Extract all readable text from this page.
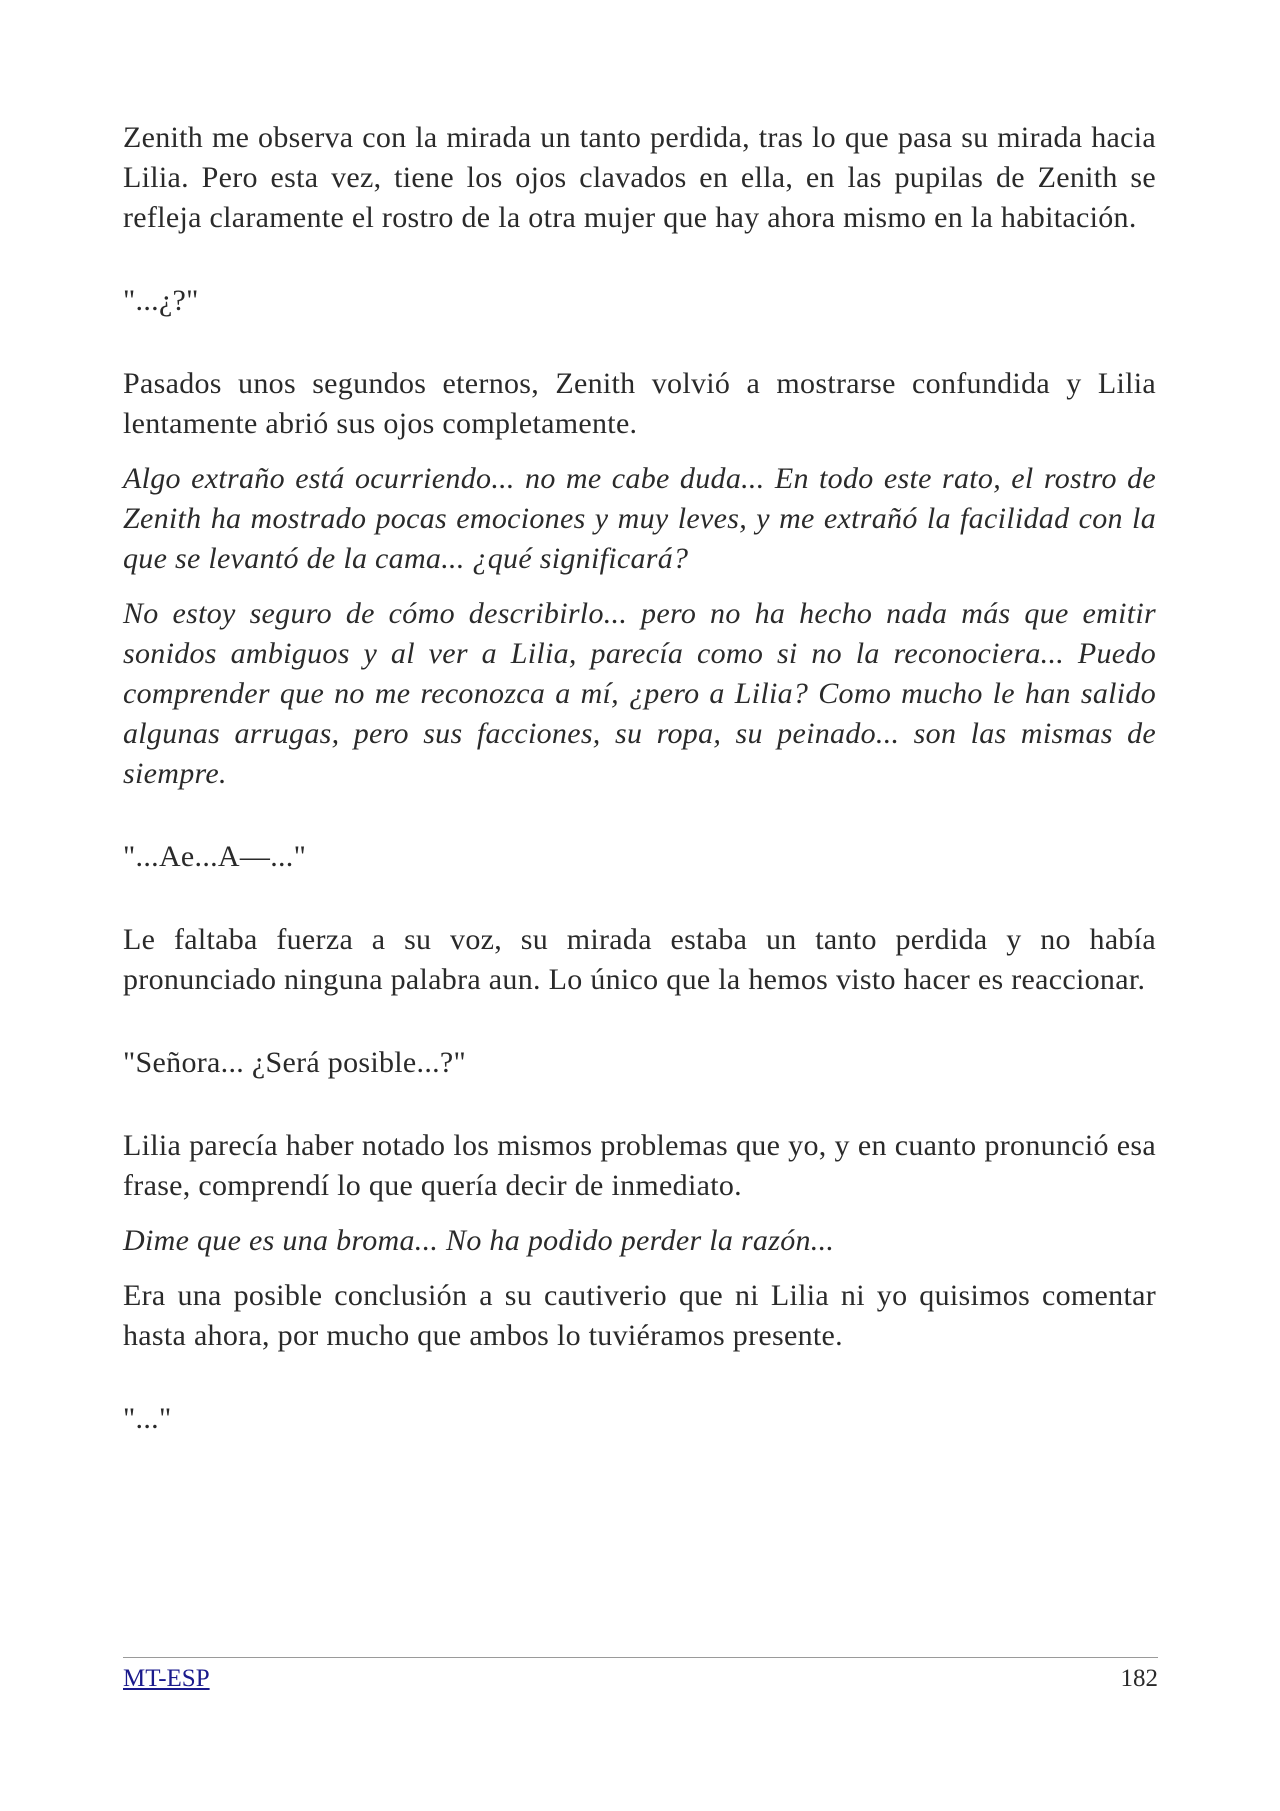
Zenith me observa con la mirada un tanto perdida, tras lo que pasa su mirada hacia Lilia. Pero esta vez, tiene los ojos clavados en ella, en las pupilas de Zenith se refleja claramente el rostro de la otra mujer que hay ahora mismo en la habitación.

"...¿?"

Pasados unos segundos eternos, Zenith volvió a mostrarse confundida y Lilia lentamente abrió sus ojos completamente.

Algo extraño está ocurriendo... no me cabe duda... En todo este rato, el rostro de Zenith ha mostrado pocas emociones y muy leves, y me extrañó la facilidad con la que se levantó de la cama... ¿qué significará?

No estoy seguro de cómo describirlo... pero no ha hecho nada más que emitir sonidos ambiguos y al ver a Lilia, parecía como si no la reconociera... Puedo comprender que no me reconozca a mí, ¿pero a Lilia? Como mucho le han salido algunas arrugas, pero sus facciones, su ropa, su peinado... son las mismas de siempre.

"...Ae...A—..."

Le faltaba fuerza a su voz, su mirada estaba un tanto perdida y no había pronunciado ninguna palabra aun. Lo único que la hemos visto hacer es reaccionar.

"Señora... ¿Será posible...?"

Lilia parecía haber notado los mismos problemas que yo, y en cuanto pronunció esa frase, comprendí lo que quería decir de inmediato.

Dime que es una broma... No ha podido perder la razón...

Era una posible conclusión a su cautiverio que ni Lilia ni yo quisimos comentar hasta ahora, por mucho que ambos lo tuviéramos presente.

"..."

MT-ESP	182
